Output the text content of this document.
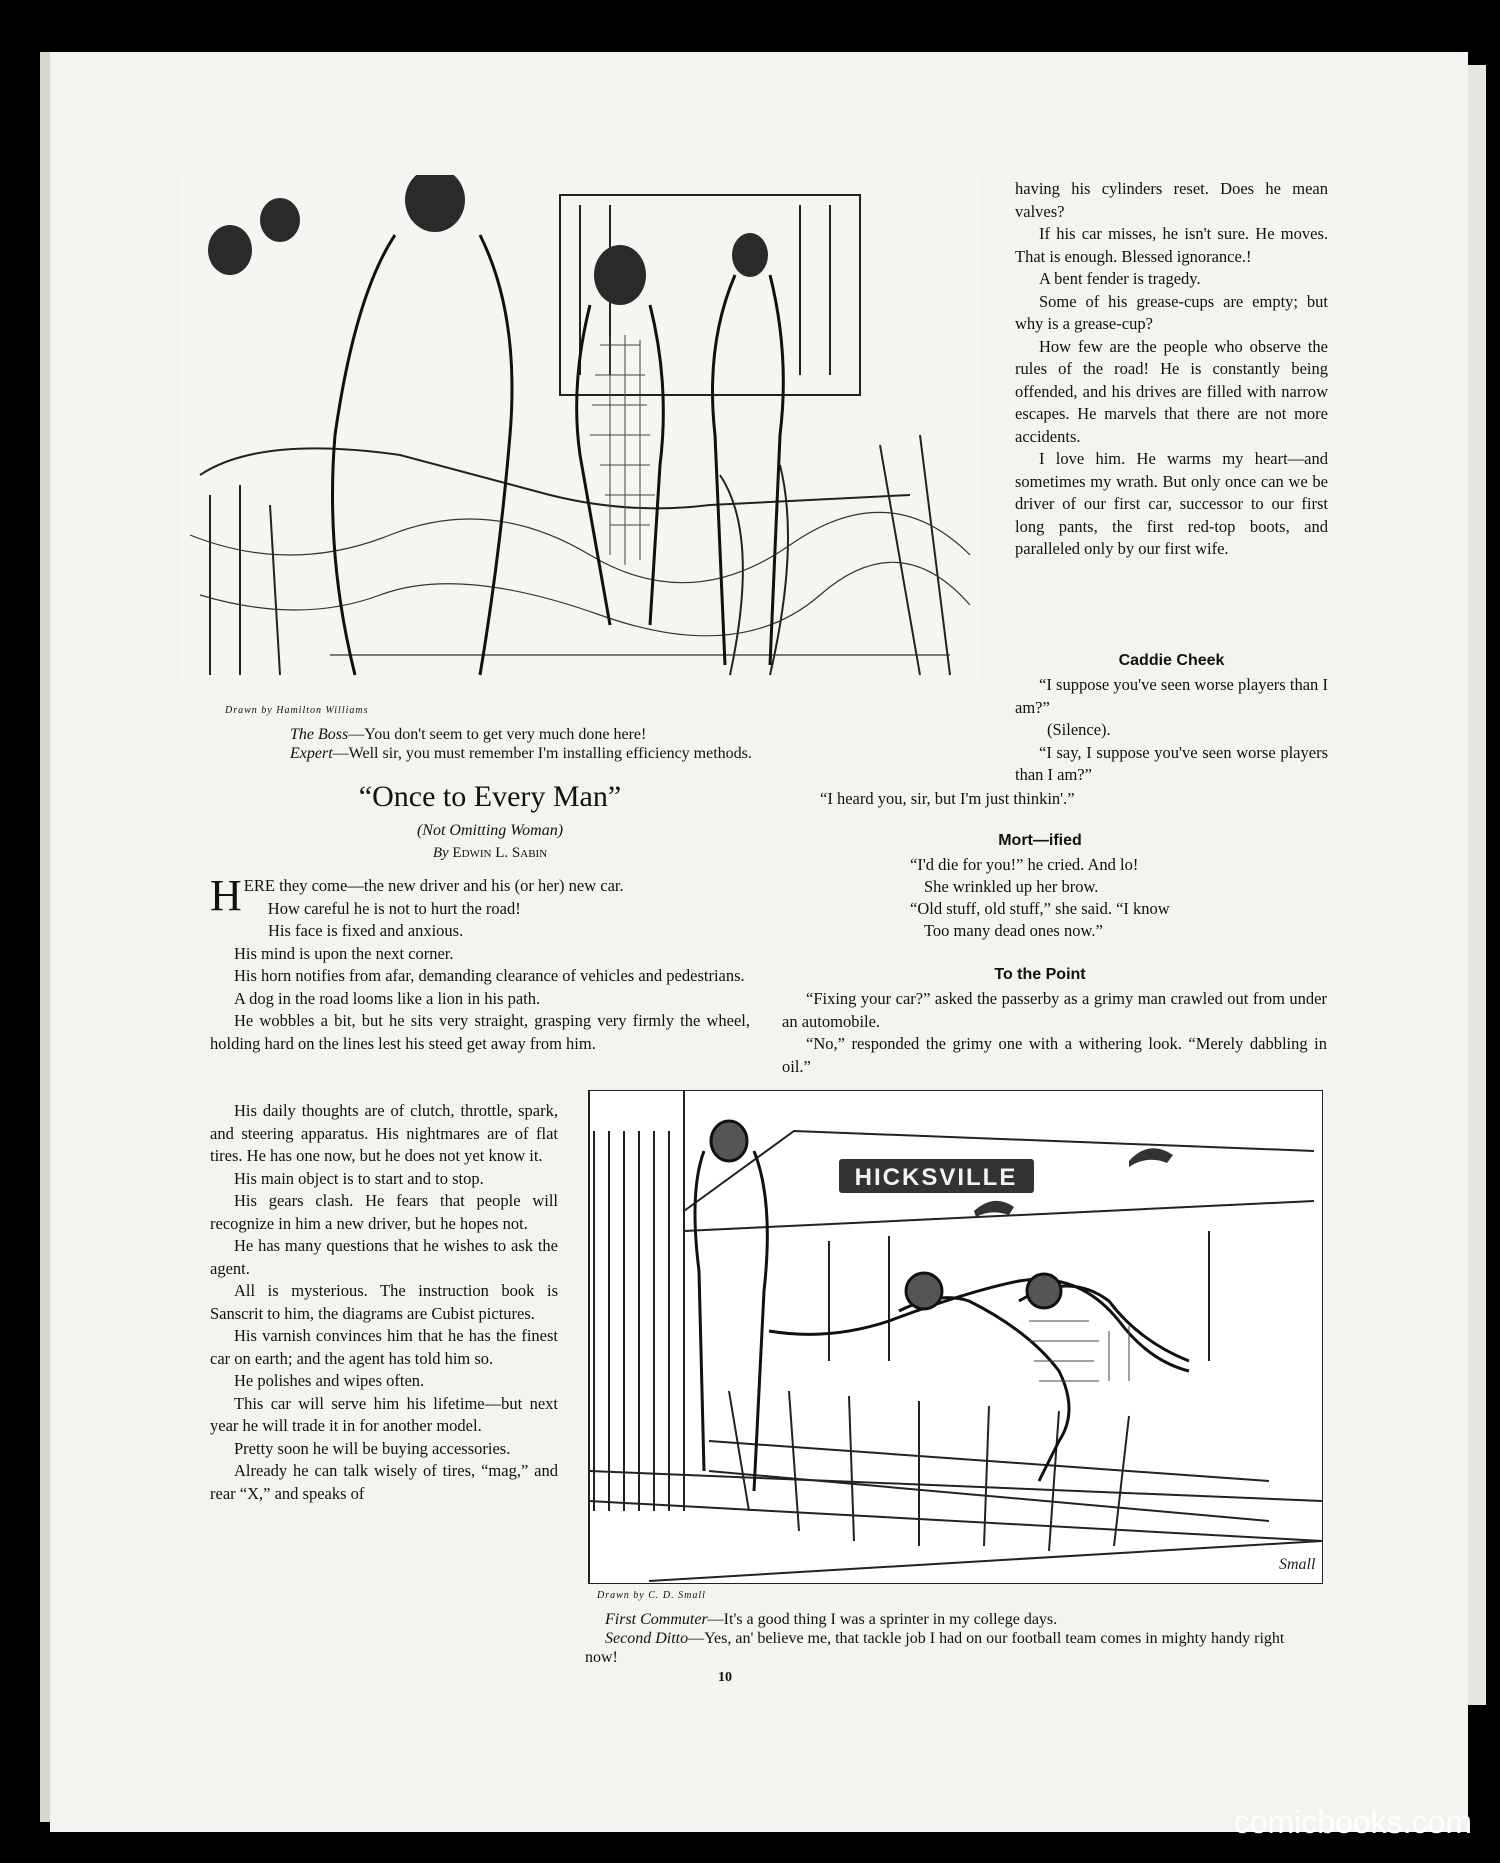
Drawn by Hamilton Williams

The Boss—You don't seem to get very much done here!

Expert—Well sir, you must remember I'm installing efficiency methods.

having his cylinders reset. Does he mean valves?

If his car misses, he isn't sure. He moves. That is enough. Blessed ignorance.!

A bent fender is tragedy.

Some of his grease-cups are empty; but why is a grease-cup?

How few are the people who observe the rules of the road! He is constantly being offended, and his drives are filled with narrow escapes. He marvels that there are not more accidents.

I love him. He warms my heart—and sometimes my wrath. But only once can we be driver of our first car, successor to our first long pants, the first red-top boots, and paralleled only by our first wife.

Caddie Cheek

“I suppose you've seen worse players than I am?”

(Silence).

“I say, I suppose you've seen worse players than I am?”

“I heard you, sir, but I'm just thinkin'.”
“Once to Every Man”
(Not Omitting Woman)
By Edwin L. Sabin

HERE they come—the new driver and his (or her) new car.

How careful he is not to hurt the road!

His face is fixed and anxious.

His mind is upon the next corner.

His horn notifies from afar, demanding clearance of vehicles and pedestrians.

A dog in the road looms like a lion in his path.

He wobbles a bit, but he sits very straight, grasping very firmly the wheel, holding hard on the lines lest his steed get away from him.

His daily thoughts are of clutch, throttle, spark, and steering apparatus. His nightmares are of flat tires. He has one now, but he does not yet know it.

His main object is to start and to stop.

His gears clash. He fears that people will recognize in him a new driver, but he hopes not.

He has many questions that he wishes to ask the agent.

All is mysterious. The instruction book is Sanscrit to him, the diagrams are Cubist pictures.

His varnish convinces him that he has the finest car on earth; and the agent has told him so.

He polishes and wipes often.

This car will serve him his lifetime—but next year he will trade it in for another model.

Pretty soon he will be buying accessories.

Already he can talk wisely of tires, “mag,” and rear “X,” and speaks of

Mort—ified
“I'd die for you!” he cried. And lo!
She wrinkled up her brow.
“Old stuff, old stuff,” she said. “I know
Too many dead ones now.”
To the Point

“Fixing your car?” asked the passerby as a grimy man crawled out from under an automobile.

“No,” responded the grimy one with a withering look. “Merely dabbling in oil.”

HICKSVILLE
Small
Drawn by C. D. Small

First Commuter—It's a good thing I was a sprinter in my college days.

Second Ditto—Yes, an' believe me, that tackle job I had on our football team comes in mighty handy right now!

10
comicbooks.com
